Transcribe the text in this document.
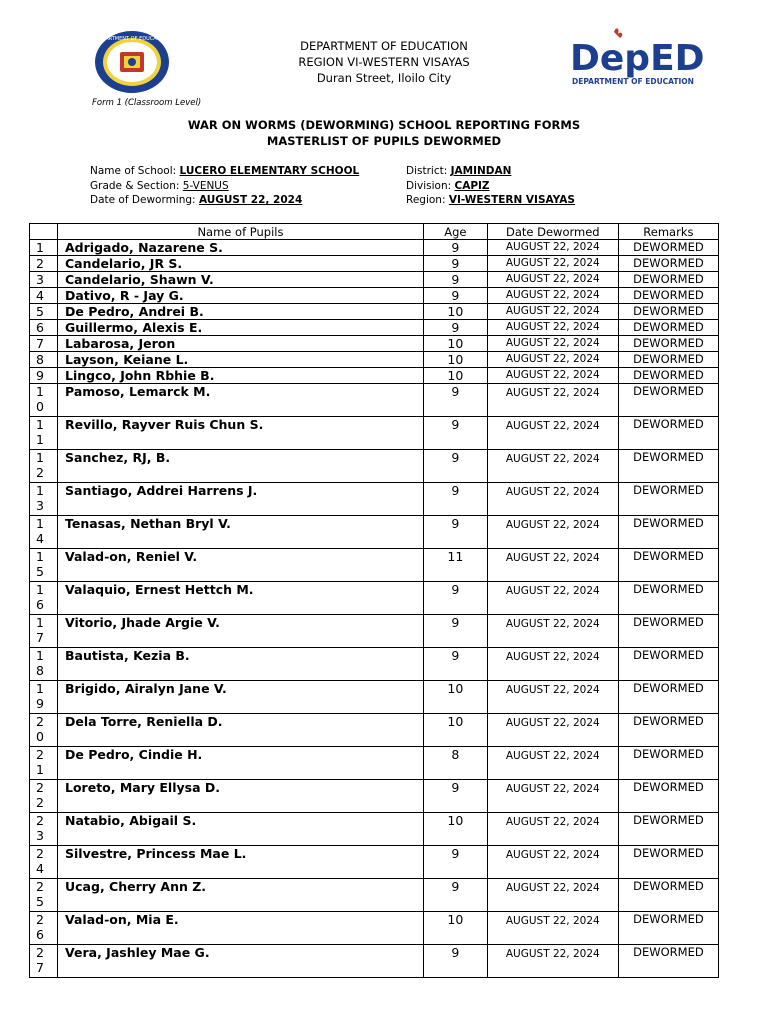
DEPARTMENT OF EDUCATION	DEPARTMENT OF EDUCATION
REGION VI-WESTERN VISAYAS
Duran Street, Iloilo City	DepED
DEPARTMENT OF EDUCATION
Form 1 (Classroom Level)
WAR ON WORMS (DEWORMING) SCHOOL REPORTING FORMS
MASTERLIST OF PUPILS DEWORMED
Name of School: LUCERO ELEMENTARY SCHOOL
Grade & Section: 5-VENUS
Date of Deworming: AUGUST 22, 2024
District: JAMINDAN
Division: CAPIZ
Region: VI-WESTERN VISAYAS
	Name of Pupils	Age	Date Dewormed	Remarks
1	Adrigado, Nazarene S.	9	AUGUST 22, 2024	DEWORMED
2	Candelario, JR S.	9	AUGUST 22, 2024	DEWORMED
3	Candelario, Shawn V.	9	AUGUST 22, 2024	DEWORMED
4	Dativo, R - Jay G.	9	AUGUST 22, 2024	DEWORMED
5	De Pedro, Andrei B.	10	AUGUST 22, 2024	DEWORMED
6	Guillermo, Alexis E.	9	AUGUST 22, 2024	DEWORMED
7	Labarosa, Jeron	10	AUGUST 22, 2024	DEWORMED
8	Layson, Keiane L.	10	AUGUST 22, 2024	DEWORMED
9	Lingco, John Rbhie B.	10	AUGUST 22, 2024	DEWORMED
10	Pamoso, Lemarck M.	9	AUGUST 22, 2024	DEWORMED
11	Revillo, Rayver Ruis Chun S.	9	AUGUST 22, 2024	DEWORMED
12	Sanchez, RJ, B.	9	AUGUST 22, 2024	DEWORMED
13	Santiago, Addrei Harrens J.	9	AUGUST 22, 2024	DEWORMED
14	Tenasas, Nethan Bryl V.	9	AUGUST 22, 2024	DEWORMED
15	Valad-on, Reniel V.	11	AUGUST 22, 2024	DEWORMED
16	Valaquio, Ernest Hettch M.	9	AUGUST 22, 2024	DEWORMED
17	Vitorio, Jhade Argie V.	9	AUGUST 22, 2024	DEWORMED
18	Bautista, Kezia B.	9	AUGUST 22, 2024	DEWORMED
19	Brigido, Airalyn Jane V.	10	AUGUST 22, 2024	DEWORMED
20	Dela Torre, Reniella D.	10	AUGUST 22, 2024	DEWORMED
21	De Pedro, Cindie H.	8	AUGUST 22, 2024	DEWORMED
22	Loreto, Mary Ellysa D.	9	AUGUST 22, 2024	DEWORMED
23	Natabio, Abigail S.	10	AUGUST 22, 2024	DEWORMED
24	Silvestre, Princess Mae L.	9	AUGUST 22, 2024	DEWORMED
25	Ucag, Cherry Ann Z.	9	AUGUST 22, 2024	DEWORMED
26	Valad-on, Mia E.	10	AUGUST 22, 2024	DEWORMED
27	Vera, Jashley Mae G.	9	AUGUST 22, 2024	DEWORMED
